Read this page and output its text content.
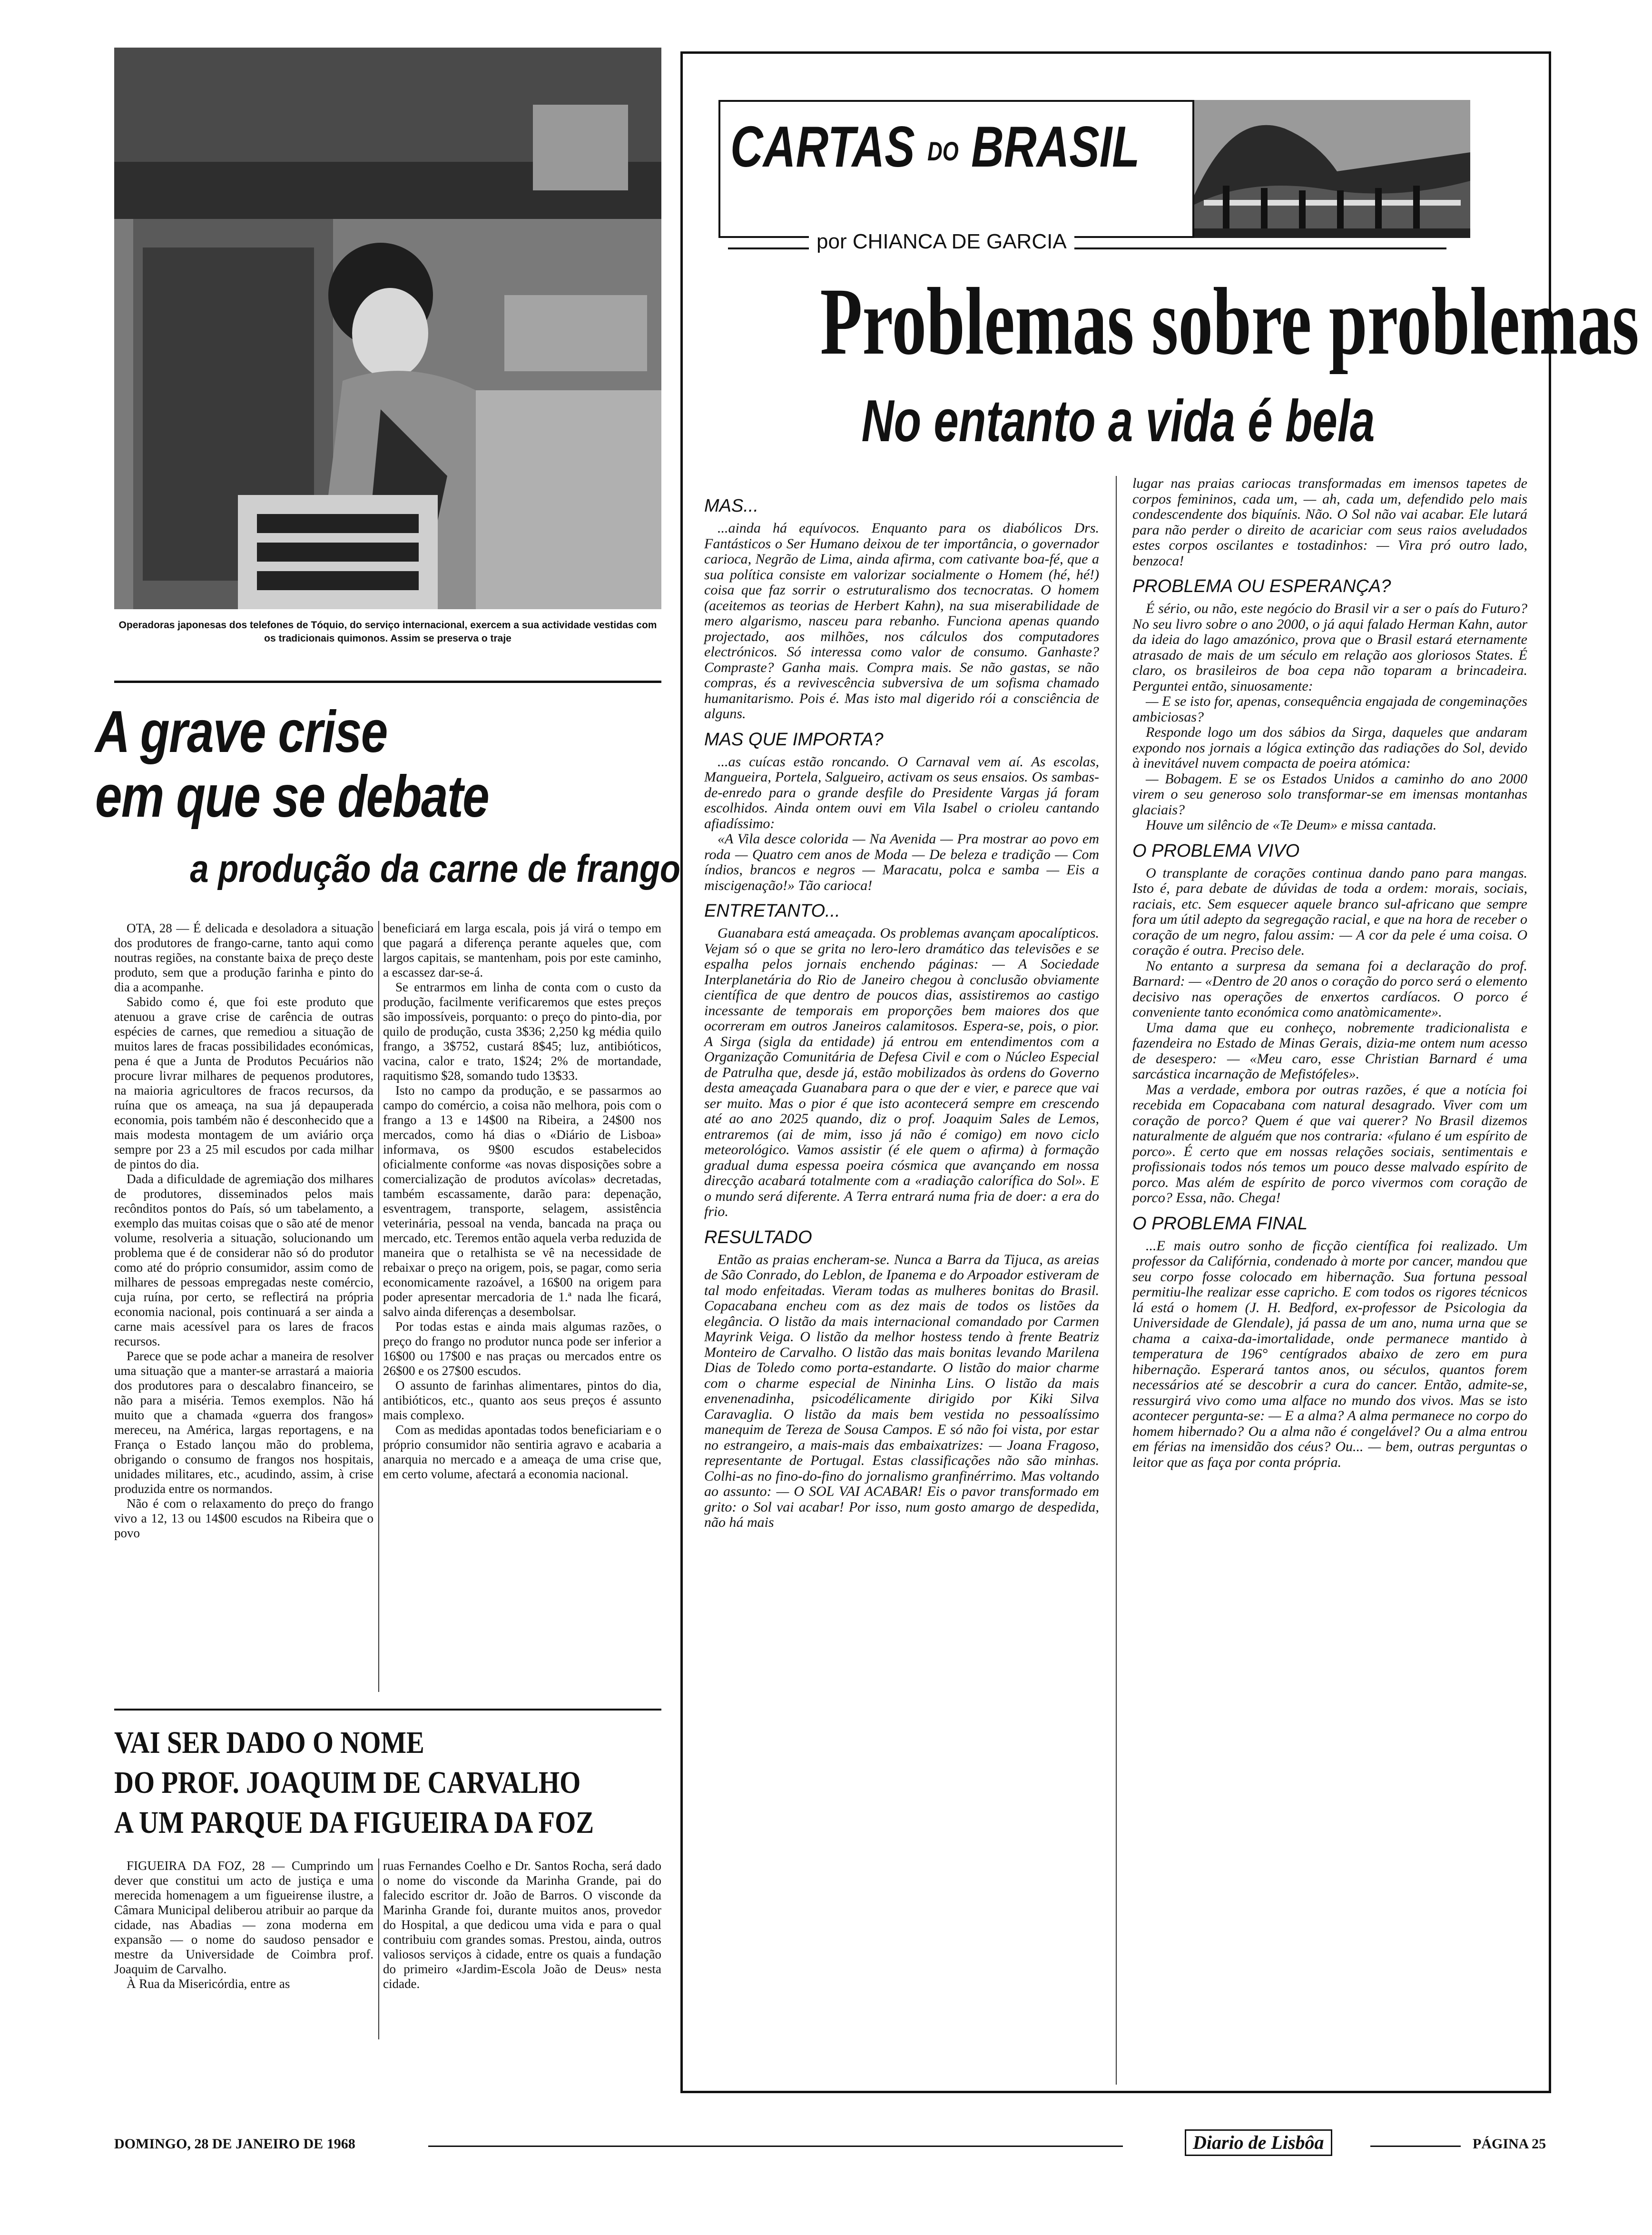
Operadoras japonesas dos telefones de Tóquio, do serviço internacional, exercem a sua actividade vestidas com os tradicionais quimonos. Assim se preserva o traje

A grave crise
em que se debate
a produção da carne de frango

OTA, 28 — É delicada e desoladora a situação dos produtores de frango-carne, tanto aqui como noutras regiões, na constante baixa de preço deste produto, sem que a produção farinha e pinto do dia a acompanhe.

Sabido como é, que foi este produto que atenuou a grave crise de carência de outras espécies de carnes, que remediou a situação de muitos lares de fracas possibilidades económicas, pena é que a Junta de Produtos Pecuários não procure livrar milhares de pequenos produtores, na maioria agricultores de fracos recursos, da ruína que os ameaça, na sua já depauperada economia, pois também não é desconhecido que a mais modesta montagem de um aviário orça sempre por 23 a 25 mil escudos por cada milhar de pintos do dia.

Dada a dificuldade de agremiação dos milhares de produtores, disseminados pelos mais recônditos pontos do País, só um tabelamento, a exemplo das muitas coisas que o são até de menor volume, resolveria a situação, solucionando um problema que é de considerar não só do produtor como até do próprio consumidor, assim como de milhares de pessoas empregadas neste comércio, cuja ruína, por certo, se reflectirá na própria economia nacional, pois continuará a ser ainda a carne mais acessível para os lares de fracos recursos.

Parece que se pode achar a maneira de resolver uma situação que a manter-se arrastará a maioria dos produtores para o descalabro financeiro, se não para a miséria. Temos exemplos. Não há muito que a chamada «guerra dos frangos» mereceu, na América, largas reportagens, e na França o Estado lançou mão do problema, obrigando o consumo de frangos nos hospitais, unidades militares, etc., acudindo, assim, à crise produzida entre os normandos.

Não é com o relaxamento do preço do frango vivo a 12, 13 ou 14$00 escudos na Ribeira que o povo

beneficiará em larga escala, pois já virá o tempo em que pagará a diferença perante aqueles que, com largos capitais, se mantenham, pois por este caminho, a escassez dar-se-á.

Se entrarmos em linha de conta com o custo da produção, facilmente verificaremos que estes preços são impossíveis, porquanto: o preço do pinto-dia, por quilo de produção, custa 3$36; 2,250 kg média quilo frango, a 3$752, custará 8$45; luz, antibióticos, vacina, calor e trato, 1$24; 2% de mortandade, raquitismo $28, somando tudo 13$33.

Isto no campo da produção, e se passarmos ao campo do comércio, a coisa não melhora, pois com o frango a 13 e 14$00 na Ribeira, a 24$00 nos mercados, como há dias o «Diário de Lisboa» informava, os 9$00 escudos estabelecidos oficialmente conforme «as novas disposições sobre a comercialização de produtos avícolas» decretadas, também escassamente, darão para: depenação, esventragem, transporte, selagem, assistência veterinária, pessoal na venda, bancada na praça ou mercado, etc. Teremos então aquela verba reduzida de maneira que o retalhista se vê na necessidade de rebaixar o preço na origem, pois, se pagar, como seria economicamente razoável, a 16$00 na origem para poder apresentar mercadoria de 1.ª nada lhe ficará, salvo ainda diferenças a desembolsar.

Por todas estas e ainda mais algumas razões, o preço do frango no produtor nunca pode ser inferior a 16$00 ou 17$00 e nas praças ou mercados entre os 26$00 e os 27$00 escudos.

O assunto de farinhas alimentares, pintos do dia, antibióticos, etc., quanto aos seus preços é assunto mais complexo.

Com as medidas apontadas todos beneficiariam e o próprio consumidor não sentiria agravo e acabaria a anarquia no mercado e a ameaça de uma crise que, em certo volume, afectará a economia nacional.

VAI SER DADO O NOME
DO PROF. JOAQUIM DE CARVALHO
A UM PARQUE DA FIGUEIRA DA FOZ

FIGUEIRA DA FOZ, 28 — Cumprindo um dever que constitui um acto de justiça e uma merecida homenagem a um figueirense ilustre, a Câmara Municipal deliberou atribuir ao parque da cidade, nas Abadias — zona moderna em expansão — o nome do saudoso pensador e mestre da Universidade de Coimbra prof. Joaquim de Carvalho.

À Rua da Misericórdia, entre as

ruas Fernandes Coelho e Dr. Santos Rocha, será dado o nome do visconde da Marinha Grande, pai do falecido escritor dr. João de Barros. O visconde da Marinha Grande foi, durante muitos anos, provedor do Hospital, a que dedicou uma vida e para o qual contribuiu com grandes somas. Prestou, ainda, outros valiosos serviços à cidade, entre os quais a fundação do primeiro «Jardim-Escola João de Deus» nesta cidade.

CARTAS DO BRASIL
por CHIANCA DE GARCIA
Problemas sobre problemas
No entanto a vida é bela
MAS...

...ainda há equívocos. Enquanto para os diabólicos Drs. Fantásticos o Ser Humano deixou de ter importância, o governador carioca, Negrão de Lima, ainda afirma, com cativante boa-fé, que a sua política consiste em valorizar socialmente o Homem (hé, hé!) coisa que faz sorrir o estruturalismo dos tecnocratas. O homem (aceitemos as teorias de Herbert Kahn), na sua miserabilidade de mero algarismo, nasceu para rebanho. Funciona apenas quando projectado, aos milhões, nos cálculos dos computadores electrónicos. Só interessa como valor de consumo. Ganhaste? Compraste? Ganha mais. Compra mais. Se não gastas, se não compras, és a revivescência subversiva de um sofisma chamado humanitarismo. Pois é. Mas isto mal digerido rói a consciência de alguns.

MAS QUE IMPORTA?

...as cuícas estão roncando. O Carnaval vem aí. As escolas, Mangueira, Portela, Salgueiro, activam os seus ensaios. Os sambas-de-enredo para o grande desfile do Presidente Vargas já foram escolhidos. Ainda ontem ouvi em Vila Isabel o crioleu cantando afiadíssimo:

«A Vila desce colorida — Na Avenida — Pra mostrar ao povo em roda — Quatro cem anos de Moda — De beleza e tradição — Com índios, brancos e negros — Maracatu, polca e samba — Eis a miscigenação!» Tão carioca!

ENTRETANTO...

Guanabara está ameaçada. Os problemas avançam apocalípticos. Vejam só o que se grita no lero-lero dramático das televisões e se espalha pelos jornais enchendo páginas: — A Sociedade Interplanetária do Rio de Janeiro chegou à conclusão obviamente científica de que dentro de poucos dias, assistiremos ao castigo incessante de temporais em proporções bem maiores dos que ocorreram em outros Janeiros calamitosos. Espera-se, pois, o pior. A Sirga (sigla da entidade) já entrou em entendimentos com a Organização Comunitária de Defesa Civil e com o Núcleo Especial de Patrulha que, desde já, estão mobilizados às ordens do Governo desta ameaçada Guanabara para o que der e vier, e parece que vai ser muito. Mas o pior é que isto acontecerá sempre em crescendo até ao ano 2025 quando, diz o prof. Joaquim Sales de Lemos, entraremos (ai de mim, isso já não é comigo) em novo ciclo meteorológico. Vamos assistir (é ele quem o afirma) à formação gradual duma espessa poeira cósmica que avançando em nossa direcção acabará totalmente com a «radiação calorífica do Sol». E o mundo será diferente. A Terra entrará numa fria de doer: a era do frio.

RESULTADO

Então as praias encheram-se. Nunca a Barra da Tijuca, as areias de São Conrado, do Leblon, de Ipanema e do Arpoador estiveram de tal modo enfeitadas. Vieram todas as mulheres bonitas do Brasil. Copacabana encheu com as dez mais de todos os listões da elegância. O listão da mais internacional comandado por Carmen Mayrink Veiga. O listão da melhor hostess tendo à frente Beatriz Monteiro de Carvalho. O listão das mais bonitas levando Marilena Dias de Toledo como porta-estandarte. O listão do maior charme com o charme especial de Nininha Lins. O listão da mais envenenadinha, psicodélicamente dirigido por Kiki Silva Caravaglia. O listão da mais bem vestida no pessoalíssimo manequim de Tereza de Sousa Campos. E só não foi vista, por estar no estrangeiro, a mais-mais das embaixatrizes: — Joana Fragoso, representante de Portugal. Estas classificações não são minhas. Colhi-as no fino-do-fino do jornalismo granfinérrimo. Mas voltando ao assunto: — O SOL VAI ACABAR! Eis o pavor transformado em grito: o Sol vai acabar! Por isso, num gosto amargo de despedida, não há mais

lugar nas praias cariocas transformadas em imensos tapetes de corpos femininos, cada um, — ah, cada um, defendido pelo mais condescendente dos biquínis. Não. O Sol não vai acabar. Ele lutará para não perder o direito de acariciar com seus raios aveludados estes corpos oscilantes e tostadinhos: — Vira pró outro lado, benzoca!

PROBLEMA OU ESPERANÇA?

É sério, ou não, este negócio do Brasil vir a ser o país do Futuro? No seu livro sobre o ano 2000, o já aqui falado Herman Kahn, autor da ideia do lago amazónico, prova que o Brasil estará eternamente atrasado de mais de um século em relação aos gloriosos States. É claro, os brasileiros de boa cepa não toparam a brincadeira. Perguntei então, sinuosamente:

— E se isto for, apenas, consequência engajada de congeminações ambiciosas?

Responde logo um dos sábios da Sirga, daqueles que andaram expondo nos jornais a lógica extinção das radiações do Sol, devido à inevitável nuvem compacta de poeira atómica:

— Bobagem. E se os Estados Unidos a caminho do ano 2000 virem o seu generoso solo transformar-se em imensas montanhas glaciais?

Houve um silêncio de «Te Deum» e missa cantada.

O PROBLEMA VIVO

O transplante de corações continua dando pano para mangas. Isto é, para debate de dúvidas de toda a ordem: morais, sociais, raciais, etc. Sem esquecer aquele branco sul-africano que sempre fora um útil adepto da segregação racial, e que na hora de receber o coração de um negro, falou assim: — A cor da pele é uma coisa. O coração é outra. Preciso dele.

No entanto a surpresa da semana foi a declaração do prof. Barnard: — «Dentro de 20 anos o coração do porco será o elemento decisivo nas operações de enxertos cardíacos. O porco é conveniente tanto económica como anatòmicamente».

Uma dama que eu conheço, nobremente tradicionalista e fazendeira no Estado de Minas Gerais, dizia-me ontem num acesso de desespero: — «Meu caro, esse Christian Barnard é uma sarcástica incarnação de Mefistófeles».

Mas a verdade, embora por outras razões, é que a notícia foi recebida em Copacabana com natural desagrado. Viver com um coração de porco? Quem é que vai querer? No Brasil dizemos naturalmente de alguém que nos contraria: «fulano é um espírito de porco». É certo que em nossas relações sociais, sentimentais e profissionais todos nós temos um pouco desse malvado espírito de porco. Mas além de espírito de porco vivermos com coração de porco? Essa, não. Chega!

O PROBLEMA FINAL

...E mais outro sonho de ficção científica foi realizado. Um professor da Califórnia, condenado à morte por cancer, mandou que seu corpo fosse colocado em hibernação. Sua fortuna pessoal permitiu-lhe realizar esse capricho. E com todos os rigores técnicos lá está o homem (J. H. Bedford, ex-professor de Psicologia da Universidade de Glendale), já passa de um ano, numa urna que se chama a caixa-da-imortalidade, onde permanece mantido à temperatura de 196° centígrados abaixo de zero em pura hibernação. Esperará tantos anos, ou séculos, quantos forem necessários até se descobrir a cura do cancer. Então, admite-se, ressurgirá vivo como uma alface no mundo dos vivos. Mas se isto acontecer pergunta-se: — E a alma? A alma permanece no corpo do homem hibernado? Ou a alma não é congelável? Ou a alma entrou em férias na imensidão dos céus? Ou... — bem, outras perguntas o leitor que as faça por conta própria.

DOMINGO, 28 DE JANEIRO DE 1968	Diario de Lisbôa	PÁGINA 25
